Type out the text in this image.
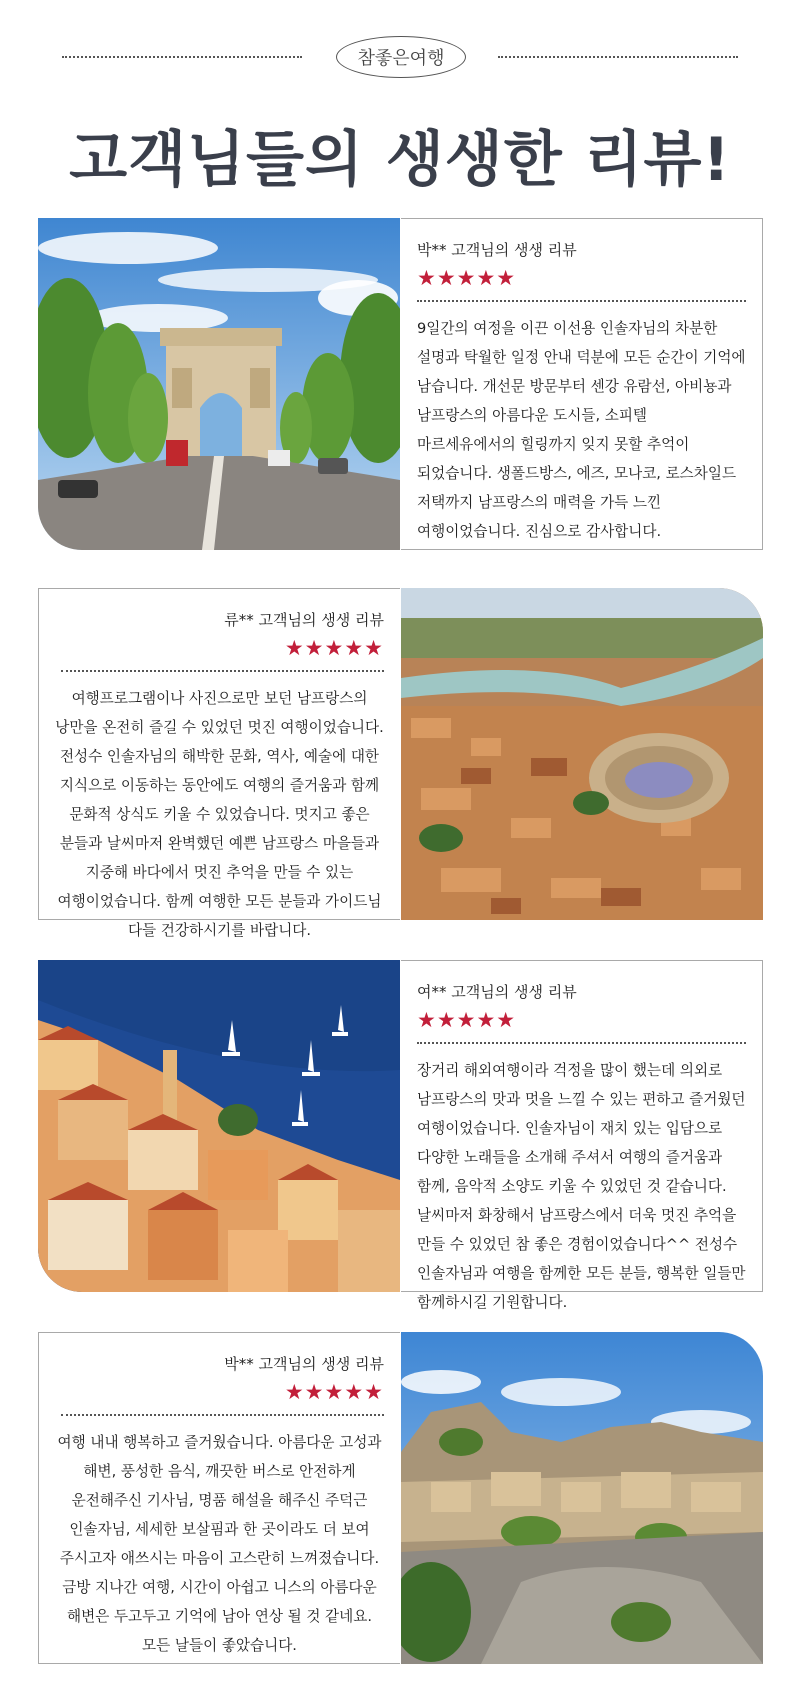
참좋은여행
고객님들의 생생한 리뷰!

박** 고객님의 생생 리뷰

★★★★★

9일간의 여정을 이끈 이선용 인솔자님의 차분한 설명과 탁월한 일정 안내 덕분에 모든 순간이 기억에 남습니다. 개선문 방문부터 센강 유람선, 아비뇽과 남프랑스의 아름다운 도시들, 소피텔 마르세유에서의 힐링까지 잊지 못할 추억이 되었습니다. 생폴드방스, 에즈, 모나코, 로스차일드 저택까지 남프랑스의 매력을 가득 느낀 여행이었습니다. 진심으로 감사합니다.

류** 고객님의 생생 리뷰

★★★★★

여행프로그램이나 사진으로만 보던 남프랑스의 낭만을 온전히 즐길 수 있었던 멋진 여행이었습니다. 전성수 인솔자님의 해박한 문화, 역사, 예술에 대한 지식으로 이동하는 동안에도 여행의 즐거움과 함께 문화적 상식도 키울 수 있었습니다. 멋지고 좋은 분들과 날씨마저 완벽했던 예쁜 남프랑스 마을들과 지중해 바다에서 멋진 추억을 만들 수 있는 여행이었습니다. 함께 여행한 모든 분들과 가이드님 다들 건강하시기를 바랍니다.

여** 고객님의 생생 리뷰

★★★★★

장거리 해외여행이라 걱정을 많이 했는데 의외로 남프랑스의 맛과 멋을 느낄 수 있는 편하고 즐거웠던 여행이었습니다. 인솔자님이 재치 있는 입담으로 다양한 노래들을 소개해 주셔서 여행의 즐거움과 함께, 음악적 소양도 키울 수 있었던 것 같습니다. 날씨마저 화창해서 남프랑스에서 더욱 멋진 추억을 만들 수 있었던 참 좋은 경험이었습니다^^ 전성수 인솔자님과 여행을 함께한 모든 분들, 행복한 일들만 함께하시길 기원합니다.

박** 고객님의 생생 리뷰

★★★★★

여행 내내 행복하고 즐거웠습니다. 아름다운 고성과 해변, 풍성한 음식, 깨끗한 버스로 안전하게 운전해주신 기사님, 명품 해설을 해주신 주덕근 인솔자님, 세세한 보살핌과 한 곳이라도 더 보여 주시고자 애쓰시는 마음이 고스란히 느껴졌습니다. 금방 지나간 여행, 시간이 아쉽고 니스의 아름다운 해변은 두고두고 기억에 남아 연상 될 것 같네요. 모든 날들이 좋았습니다.
